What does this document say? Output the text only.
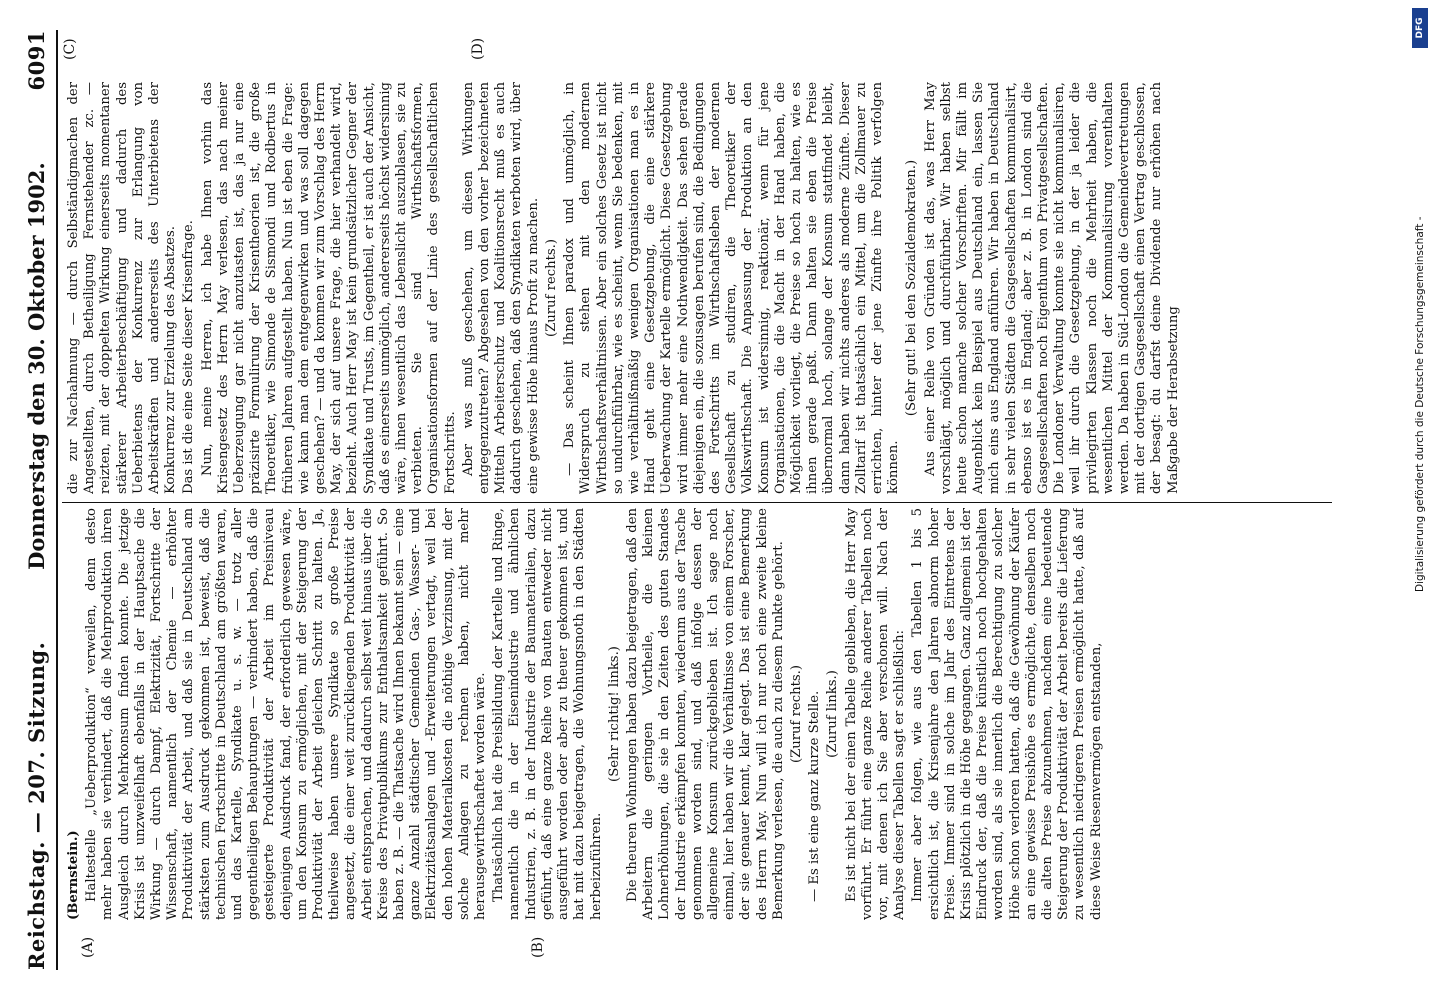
Reichstag. — 207. Sitzung.
Donnerstag den 30. Oktober 1902.
6091
(A)	(B)
(C)	(D)

(Bernstein.) Haltestelle „Ueberproduktion“ verweilen, denn desto mehr haben sie verhindert, daß die Mehrproduktion ihren Ausgleich durch Mehrkonsum finden konnte. Die jetzige Krisis ist unzweifelhaft ebenfalls in der Hauptsache die Wirkung — durch Dampf, Elektrizität, Fortschritte der Wissenschaft, namentlich der Chemie — erhöhter Produktivität der Arbeit, und daß sie in Deutschland am stärksten zum Ausdruck gekommen ist, beweist, daß die technischen Fortschritte in Deutschland am größten waren, und das Kartelle, Syndikate u. s. w. — trotz aller gegentheiligen Behauptungen — verhindert haben, daß die gesteigerte Produktivität der Arbeit im Preisniveau denjenigen Ausdruck fand, der erforderlich gewesen wäre, um den Konsum zu ermöglichen, mit der Steigerung der Produktivität der Arbeit gleichen Schritt zu halten. Ja, theilweise haben unsere Syndikate so große Preise angesetzt, die einer weit zurückliegenden Produktivität der Arbeit entsprachen, und dadurch selbst weit hinaus über die Kreise des Privatpublikums zur Enthaltsamkeit geführt. So haben z. B. — die Thatsache wird Ihnen bekannt sein — eine ganze Anzahl städtischer Gemeinden Gas-, Wasser- und Elektrizitätsanlagen und -Erweiterungen vertagt, weil bei den hohen Materialkosten die nöthige Verzinsung, mit der solche Anlagen zu rechnen haben, nicht mehr herausgewirthschaftet worden wäre. Thatsächlich hat die Preisbildung der Kartelle und Ringe, namentlich die in der Eisenindustrie und ähnlichen Industrien, z. B. in der Industrie der Baumaterialien, dazu geführt, daß eine ganze Reihe von Bauten entweder nicht ausgeführt worden oder aber zu theuer gekommen ist, und hat mit dazu beigetragen, die Wohnungsnoth in den Städten herbeizuführen.

(Sehr richtig! links.) Die theuren Wohnungen haben dazu beigetragen, daß den Arbeitern die geringen Vortheile, die kleinen Lohnerhöhungen, die sie in den Zeiten des guten Standes der Industrie erkämpfen konnten, wiederum aus der Tasche genommen worden sind, und daß infolge dessen der allgemeine Konsum zurückgeblieben ist. Ich sage noch einmal, hier haben wir die Verhältnisse von einem Forscher, der sie genauer kennt, klar gelegt. Das ist eine Bemerkung des Herrn May. Nun will ich nur noch eine zweite kleine Bemerkung verlesen, die auch zu diesem Punkte gehört. (Zuruf rechts.) — Es ist eine ganz kurze Stelle. (Zuruf links.) Es ist nicht bei der einen Tabelle geblieben, die Herr May vorführt. Er führt eine ganze Reihe anderer Tabellen noch vor, mit denen ich Sie aber verschonen will. Nach der Analyse dieser Tabellen sagt er schließlich: Immer aber folgen, wie aus den Tabellen 1 bis 5 ersichtlich ist, die Krisenjahre den Jahren abnorm hoher Preise. Immer sind in solche im Jahr des Eintretens der Krisis plötzlich in die Höhe gegangen. Ganz allgemein ist der Eindruck der, daß die Preise künstlich noch hochgehalten worden sind, als sie innerlich die Berechtigung zu solcher Höhe schon verloren hatten, daß die Gewöhnung der Käufer an eine gewisse Preishöhe es ermöglichte, denselben noch die alten Preise abzunehmen, nachdem eine bedeutende Steigerung der Produktivität der Arbeit bereits die Lieferung zu wesentlich niedrigeren Preisen ermöglicht hatte, daß auf diese Weise Riesenvermögen entstanden,

die zur Nachahmung — durch Selbständigmachen der Angestellten, durch Betheiligung Fernstehender zc. — reizten, mit der doppelten Wirkung einerseits momentaner stärkerer Arbeiterbeschäftigung und dadurch des Ueberbietens der Konkurrenz zur Erlangung von Arbeitskräften und andererseits des Unterbietens der Konkurrenz zur Erzielung des Absatzes. Das ist die eine Seite dieser Krisenfrage. Nun, meine Herren, ich habe Ihnen vorhin das Krisengesetz des Herrn May verlesen, das nach meiner Ueberzeugung gar nicht anzutasten ist, das ja nur eine präzisirte Formulirung der Krisentheorien ist, die große Theoretiker, wie Simonde de Sismondi und Rodbertus in früheren Jahren aufgestellt haben. Nun ist eben die Frage: wie kann man dem entgegenwirken und was soll dagegen geschehen? — und da kommen wir zum Vorschlag des Herrn May, der sich auf unsere Frage, die hier verhandelt wird, bezieht. Auch Herr May ist kein grundsätzlicher Gegner der Syndikate und Trusts, im Gegentheil, er ist auch der Ansicht, daß es einerseits unmöglich, andererseits höchst widersinnig wäre, ihnen wesentlich das Lebenslicht auszublasen, sie zu verbieten. Sie sind Wirthschaftsformen, Organisationsformen auf der Linie des gesellschaftlichen Fortschritts. Aber was muß geschehen, um diesen Wirkungen entgegenzutreten? Abgesehen von den vorher bezeichneten Mitteln Arbeiterschutz und Koalitionsrecht muß es auch dadurch geschehen, daß den Syndikaten verboten wird, über eine gewisse Höhe hinaus Profit zu machen. (Zuruf rechts.) — Das scheint Ihnen paradox und unmöglich, in Widerspruch zu stehen mit den modernen Wirthschaftsverhältnissen. Aber ein solches Gesetz ist nicht so undurchführbar, wie es scheint, wenn Sie bedenken, mit wie verhältnißmäßig wenigen Organisationen man es in Hand geht eine Gesetzgebung, die eine stärkere Ueberwachung der Kartelle ermöglicht. Diese Gesetzgebung wird immer mehr eine Nothwendigkeit. Das sehen gerade diejenigen ein, die sozusagen berufen sind, die Bedingungen des Fortschritts im Wirthschaftsleben der modernen Gesellschaft zu studiren, die Theoretiker der Volkswirthschaft. Die Anpassung der Produktion an den Konsum ist widersinnig, reaktionär, wenn für jene Organisationen, die die Macht in der Hand haben, die Möglichkeit vorliegt, die Preise so hoch zu halten, wie es ihnen gerade paßt. Dann halten sie eben die Preise übernormal hoch, solange der Konsum stattfindet bleibt, dann haben wir nichts anderes als moderne Zünfte. Dieser Zolltarif ist thatsächlich ein Mittel, um die Zollmauer zu errichten, hinter der jene Zünfte ihre Politik verfolgen können.

(Sehr gut! bei den Sozialdemokraten.) Aus einer Reihe von Gründen ist das, was Herr May vorschlägt, möglich und durchführbar. Wir haben selbst heute schon manche solcher Vorschriften. Mir fällt im Augenblick kein Beispiel aus Deutschland ein, lassen Sie mich eins aus England anführen. Wir haben in Deutschland in sehr vielen Städten die Gasgesellschaften kommunalisirt, ebenso ist es in England; aber z. B. in London sind die Gasgesellschaften noch Eigenthum von Privatgesellschaften. Die Londoner Verwaltung konnte sie nicht kommunalisiren, weil ihr durch die Gesetzgebung, in der ja leider die privilegirten Klassen noch die Mehrheit haben, die wesentlichen Mittel der Kommunalisirung vorenthalten werden. Da haben in Süd-London die Gemeindevertretungen mit der dortigen Gasgesellschaft einen Vertrag geschlossen, der besagt: du darfst deine Dividende nur erhöhen nach Maßgabe der Herabsetzung

DFG
Digitalisierung gefördert durch die Deutsche Forschungsgemeinschaft -
